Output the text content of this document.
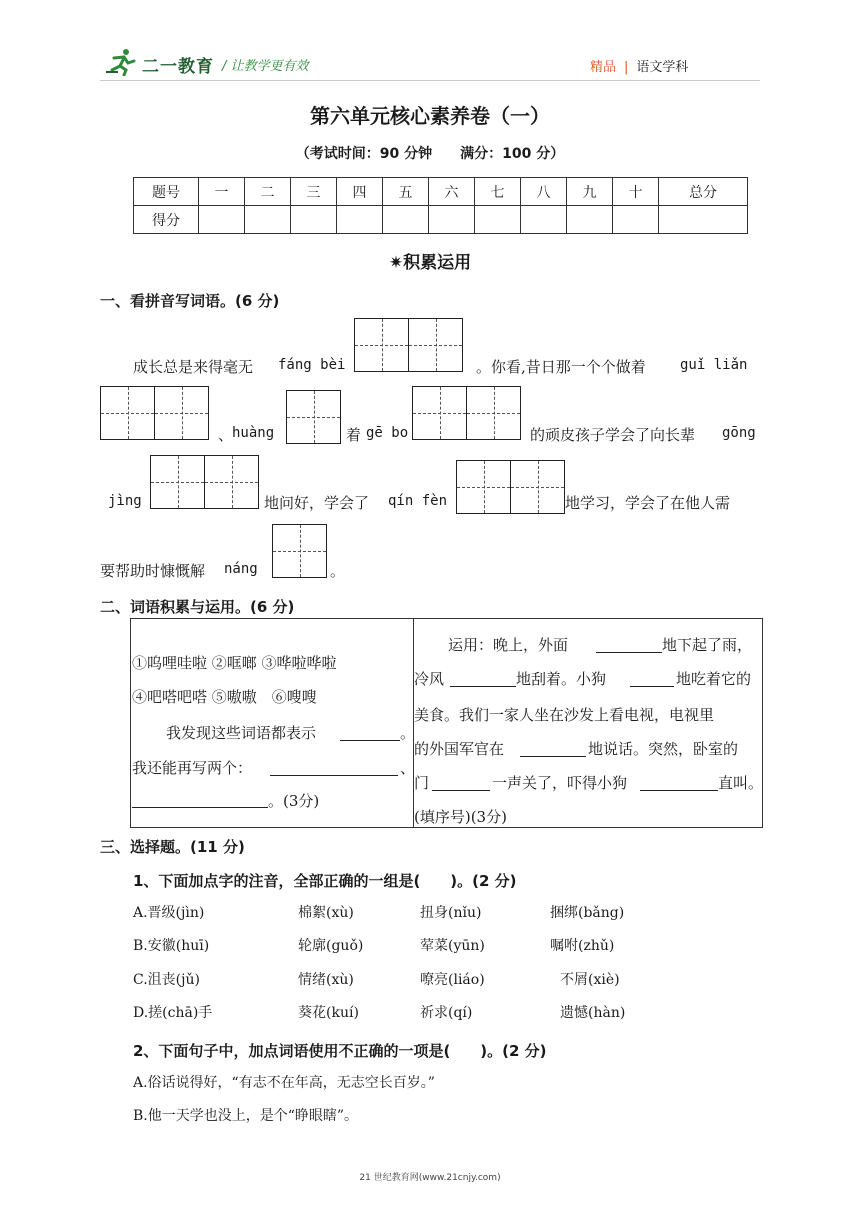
二一教育 / 让教学更有效	精品 | 语文学科
第六单元核心素养卷（一）
（考试时间：90 分钟　　满分：100 分）
题号	一	二	三	四	五	六	七	八	九	十	总分
得分											
✷积累运用
一、看拼音写词语。(6 分)
成长总是来得毫无 fáng bèi	。你看,昔日那一个个做着 guǐ liǎn
、
huàng	着 gē bo	的顽皮孩子学会了向长辈 gōng
jìng	地问好，学会了 qín fèn	地学习，学会了在他人需
要帮助时慷慨解 náng	。
二、词语积累与运用。(6 分)
①呜哩哇啦 ②哐啷 ③哗啦哗啦
④吧嗒吧嗒 ⑤嗷嗷　⑥嗖嗖
我发现这些词语都表示	。
我还能再写两个：	、
。(3分)
运用：晚上，外面	地下起了雨，
冷风	地刮着。小狗	地吃着它的
美食。我们一家人坐在沙发上看电视，电视里
的外国军官在	地说话。突然，卧室的
门	一声关了，吓得小狗	直叫。
(填序号)(3分)
三、选择题。(11 分)
1、下面加点字的注音，全部正确的一组是(　　)。(2 分)
A.晋级(jìn)	棉絮(xù)	扭身(nǐu)	捆绑(bǎng)
B.安徽(huī)	轮廓(guǒ)	荤菜(yūn)	嘱咐(zhǔ)
C.沮丧(jǔ)	情绪(xù)	嘹亮(liáo)	不屑(xiè)
D.搓(chā)手	葵花(kuí)	祈求(qí)	遗憾(hàn)
2、下面句子中，加点词语使用不正确的一项是(　　)。(2 分)
A.俗话说得好，“有志不在年高，无志空长百岁。”
B.他一天学也没上，是个“睁眼瞎”。
21 世纪教育网(www.21cnjy.com)
